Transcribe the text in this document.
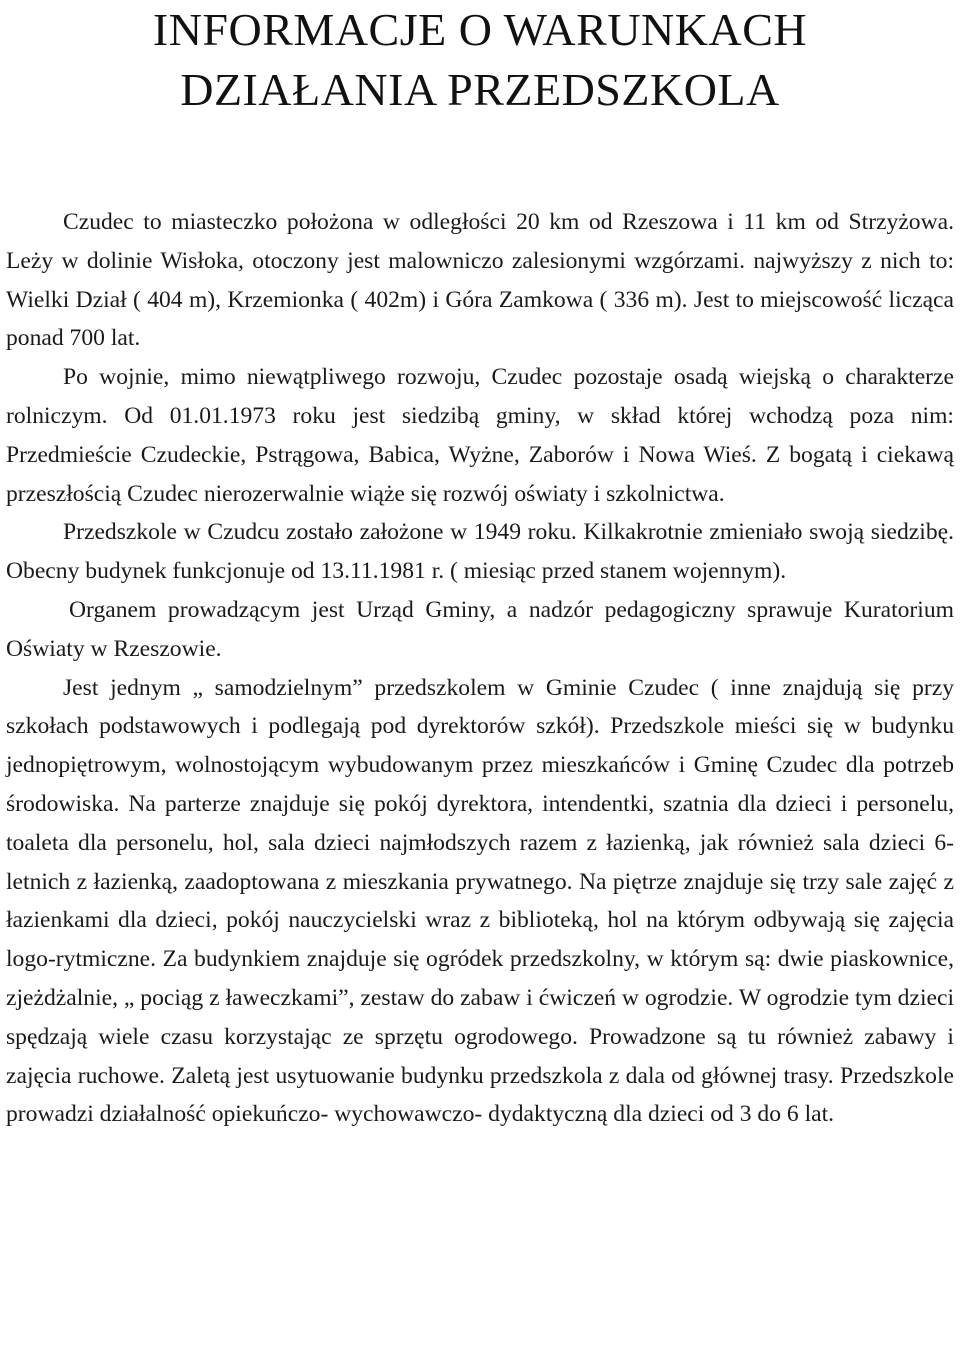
INFORMACJE O WARUNKACH
DZIAŁANIA PRZEDSZKOLA

Czudec to miasteczko położona w odległości 20 km od Rzeszowa i 11 km od Strzyżowa. Leży w dolinie Wisłoka, otoczony jest malowniczo zalesionymi wzgórzami. najwyższy z nich to: Wielki Dział ( 404 m), Krzemionka ( 402m) i Góra Zamkowa ( 336 m). Jest to miejscowość licząca ponad 700 lat.

Po wojnie, mimo niewątpliwego rozwoju, Czudec pozostaje osadą wiejską o charakterze rolniczym. Od 01.01.1973 roku jest siedzibą gminy, w skład której wchodzą poza nim: Przedmieście Czudeckie, Pstrągowa, Babica, Wyżne, Zaborów i Nowa Wieś. Z bogatą i ciekawą przeszłością Czudec nierozerwalnie wiąże się rozwój oświaty i szkolnictwa.

Przedszkole w Czudcu zostało założone w 1949 roku. Kilkakrotnie zmieniało swoją siedzibę. Obecny budynek funkcjonuje od 13.11.1981 r. ( miesiąc przed stanem wojennym).

Organem prowadzącym jest Urząd Gminy, a nadzór pedagogiczny sprawuje Kuratorium Oświaty w Rzeszowie.

Jest jednym „ samodzielnym” przedszkolem w Gminie Czudec ( inne znajdują się przy szkołach podstawowych i podlegają pod dyrektorów szkół). Przedszkole mieści się w budynku jednopiętrowym, wolnostojącym wybudowanym przez mieszkańców i Gminę Czudec dla potrzeb środowiska. Na parterze znajduje się pokój dyrektora, intendentki, szatnia dla dzieci i personelu, toaleta dla personelu, hol, sala dzieci najmłodszych razem z łazienką, jak również sala dzieci 6- letnich z łazienką, zaadoptowana z mieszkania prywatnego. Na piętrze znajduje się trzy sale zajęć z łazienkami dla dzieci, pokój nauczycielski wraz z biblioteką, hol na którym odbywają się zajęcia logo-rytmiczne. Za budynkiem znajduje się ogródek przedszkolny, w którym są: dwie piaskownice, zjeżdżalnie, „ pociąg z ławeczkami”, zestaw do zabaw i ćwiczeń w ogrodzie. W ogrodzie tym dzieci spędzają wiele czasu korzystając ze sprzętu ogrodowego. Prowadzone są tu również zabawy i zajęcia ruchowe. Zaletą jest usytuowanie budynku przedszkola z dala od głównej trasy. Przedszkole prowadzi działalność opiekuńczo- wychowawczo- dydaktyczną dla dzieci od 3 do 6 lat.
